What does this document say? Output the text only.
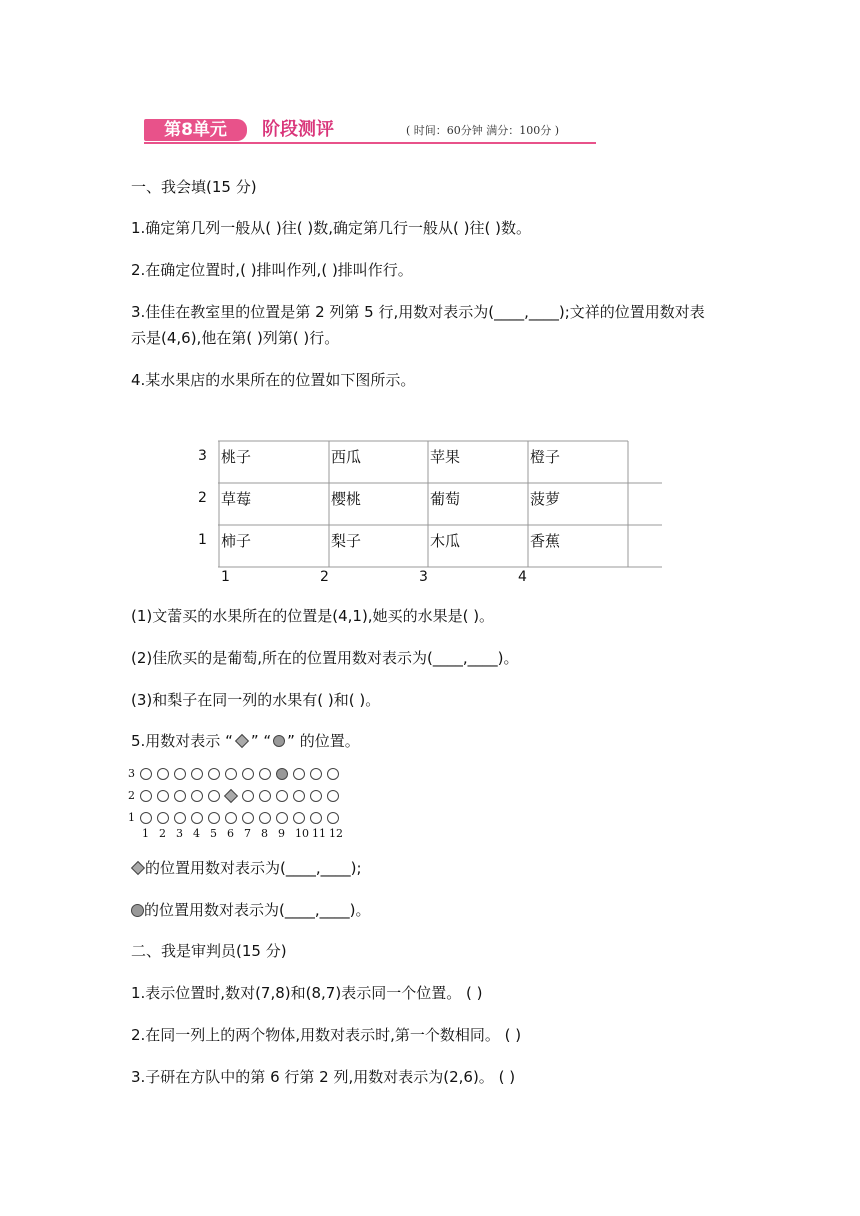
第8单元	阶段测评	( 时间：60分钟 满分：100分 )
一、我会填(15 分)
1.确定第几列一般从( )往( )数,确定第几行一般从( )往( )数。
2.在确定位置时,( )排叫作列,( )排叫作行。
3.佳佳在教室里的位置是第 2 列第 5 行,用数对表示为(____,____);文祥的位置用数对表
示是(4,6),他在第( )列第( )行。
4.某水果店的水果所在的位置如下图所示。
3
2
1
桃子	西瓜	苹果	橙子
草莓	樱桃	葡萄	菠萝
柿子	梨子	木瓜	香蕉
1	2	3	4
(1)文蕾买的水果所在的位置是(4,1),她买的水果是( )。
(2)佳欣买的是葡萄,所在的位置用数对表示为(____,____)。
(3)和梨子在同一列的水果有( )和( )。
5.用数对表示 “ ” “ ” 的位置。
3
2
1
1 2 3 4 5 6 7 8 9 10 11 12
的位置用数对表示为(____,____);
的位置用数对表示为(____,____)。
二、我是审判员(15 分)
1.表示位置时,数对(7,8)和(8,7)表示同一个位置。 ( )
2.在同一列上的两个物体,用数对表示时,第一个数相同。 ( )
3.子研在方队中的第 6 行第 2 列,用数对表示为(2,6)。 ( )
